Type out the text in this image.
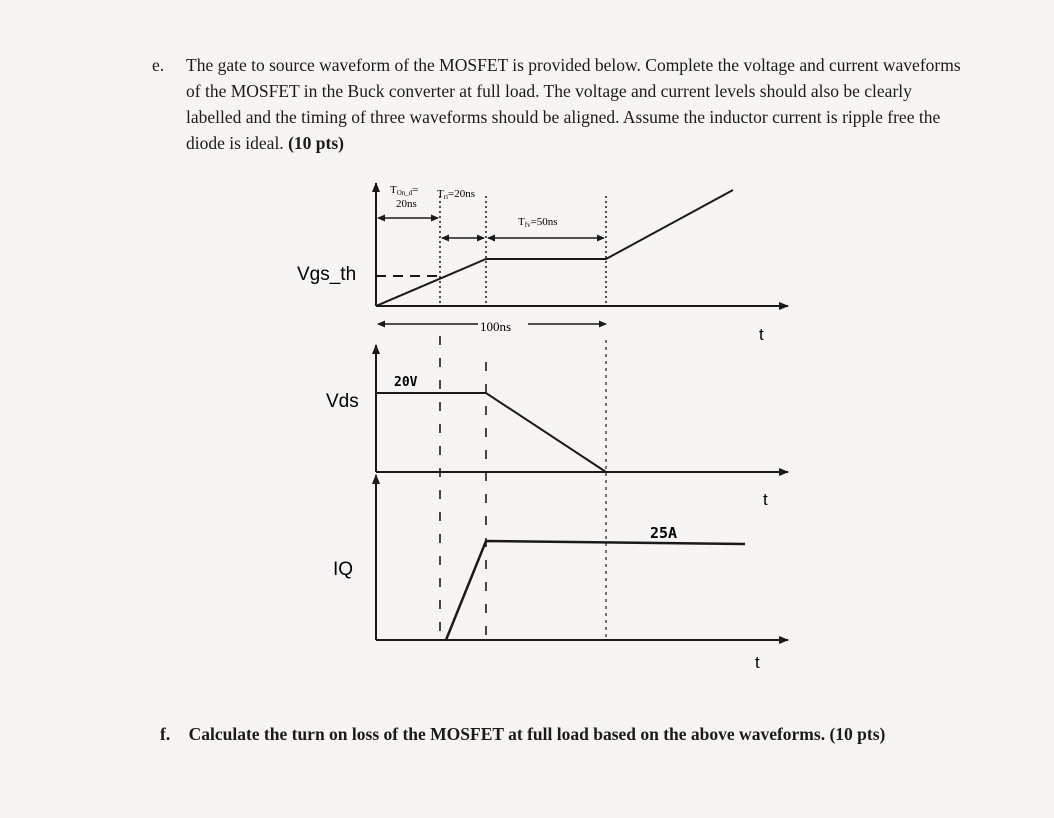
e. The gate to source waveform of the MOSFET is provided below. Complete the voltage and current waveforms of the MOSFET in the Buck converter at full load. The voltage and current levels should also be clearly labelled and the timing of three waveforms should be aligned. Assume the inductor current is ripple free the diode is ideal. (10 pts)
Vgs_th
TOn_d=
20ns
Tri=20ns
Tfv=50ns
100ns	t
Vds
20V
t
IQ
25A
t
f. Calculate the turn on loss of the MOSFET at full load based on the above waveforms. (10 pts)
